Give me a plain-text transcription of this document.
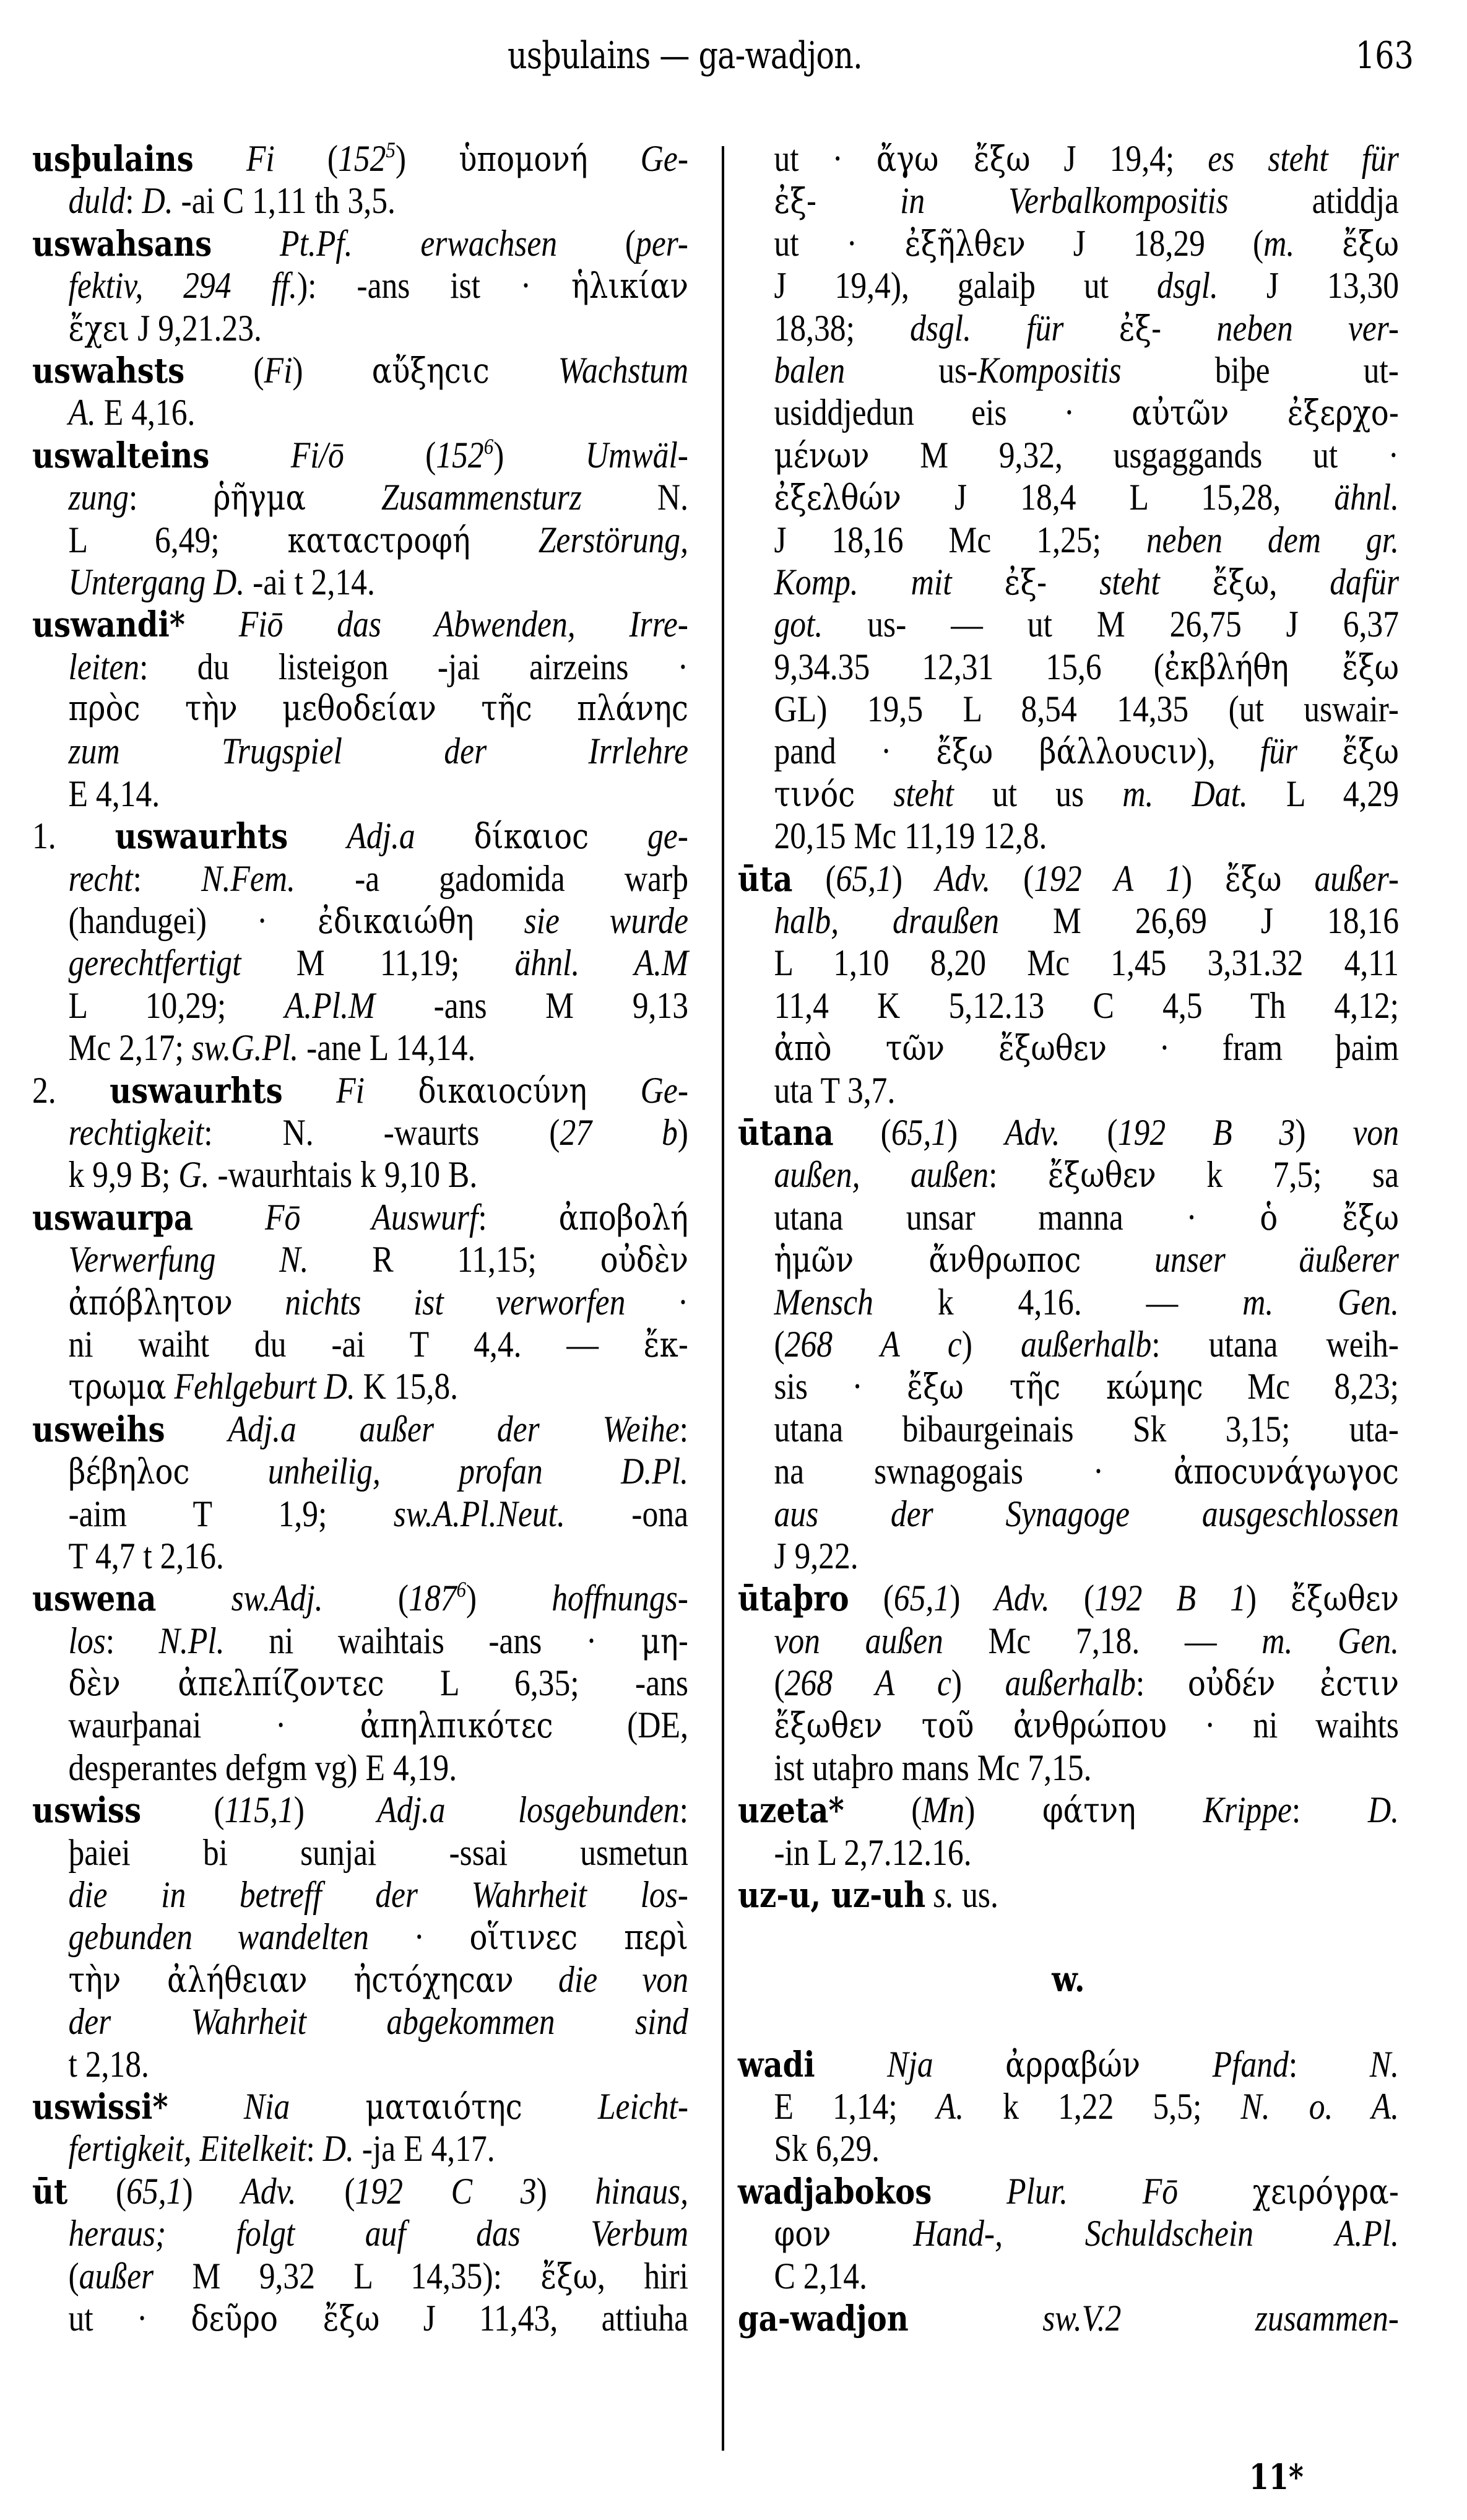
usþulains — ga-wadjon.	163
usþulains Fi $(152^5)$ ὑπομονή Ge-
duld: D. -ai C 1,11 th 3,5.
uswahsans Pt.Pf. erwachsen (per-
fektiv, 294 ff.): -ans ist · ἡλικίαν
ἔχει J 9,21.23.
uswahsts (Fi) αὔξηϲιϲ Wachstum
A. E 4,16.
uswalteins Fi/ō $(152^6)$ Umwäl-
zung: ῥῆγμα Zusammensturz N.
L 6,49; καταϲτροφή Zerstörung,
Untergang D. -ai t 2,14.
uswandi* Fiō das Abwenden, Irre-
leiten: du listeigon -jai airzeins ·
πρὸϲ τὴν μεθοδείαν τῆϲ πλάνηϲ
zum Trugspiel der Irrlehre
E 4,14.
1. uswaurhts Adj.a δίκαιοϲ ge-
recht: N.Fem. -a gadomida warþ
(handugei) · ἐδικαιώθη sie wurde
gerechtfertigt M 11,19; ähnl. A.M
L 10,29; A.Pl.M -ans M 9,13
Mc 2,17; sw.G.Pl. -ane L 14,14.
2. uswaurhts Fi δικαιοϲύνη Ge-
rechtigkeit: N. -waurts (27 b)
k 9,9 B; G. -waurhtais k 9,10 B.
uswaurpa Fō Auswurf: ἀποβολή
Verwerfung N. R 11,15; οὐδὲν
ἀπόβλητον nichts ist verworfen ·
ni waiht du -ai T 4,4. — ἔκ-
τρωμα Fehlgeburt D. K 15,8.
usweihs Adj.a außer der Weihe:
βέβηλοϲ unheilig, profan D.Pl.
-aim T 1,9; sw.A.Pl.Neut. -ona
T 4,7 t 2,16.
uswena sw.Adj. $(187^6)$ hoffnungs-
los: N.Pl. ni waihtais -ans · μη-
δὲν ἀπελπίζοντεϲ L 6,35; -ans
waurþanai · ἀπηλπικότεϲ (DE,
desperantes defgm vg) E 4,19.
uswiss (115,1) Adj.a losgebunden:
þaiei bi sunjai -ssai usmetun
die in betreff der Wahrheit los-
gebunden wandelten · οἵτινεϲ περὶ
τὴν ἀλήθειαν ἠϲτόχηϲαν die von
der Wahrheit abgekommen sind
t 2,18.
uswissi* Nia ματαιότηϲ Leicht-
fertigkeit, Eitelkeit: D. -ja E 4,17.
ūt (65,1) Adv. (192 C 3) hinaus,
heraus; folgt auf das Verbum
(außer M 9,32 L 14,35): ἔξω, hiri
ut · δεῦρο ἔξω J 11,43, attiuha
ut · ἄγω ἔξω J 19,4; es steht für
ἐξ- in Verbalkompositis atiddja
ut · ἐξῆλθεν J 18,29 (m. ἔξω
J 19,4), galaiþ ut dsgl. J 13,30
18,38; dsgl. für ἐξ- neben ver-
balen us-Kompositis biþe ut-
usiddjedun eis · αὐτῶν ἐξερχο-
μένων M 9,32, usgaggands ut ·
ἐξελθών J 18,4 L 15,28, ähnl.
J 18,16 Mc 1,25; neben dem gr.
Komp. mit ἐξ- steht ἔξω, dafür
got. us- — ut M 26,75 J 6,37
9,34.35 12,31 15,6 (ἐκβλήθη ἔξω
GL) 19,5 L 8,54 14,35 (ut uswair-
pand · ἔξω βάλλουϲιν), für ἔξω
τινόϲ steht ut us m. Dat. L 4,29
20,15 Mc 11,19 12,8.
ūta (65,1) Adv. (192 A 1) ἔξω außer-
halb, draußen M 26,69 J 18,16
L 1,10 8,20 Mc 1,45 3,31.32 4,11
11,4 K 5,12.13 C 4,5 Th 4,12;
ἀπὸ τῶν ἔξωθεν · fram þaim
uta T 3,7.
ūtana (65,1) Adv. (192 B 3) von
außen, außen: ἔξωθεν k 7,5; sa
utana unsar manna · ὁ ἔξω
ἡμῶν ἄνθρωποϲ unser äußerer
Mensch k 4,16. — m. Gen.
(268 A c) außerhalb: utana weih-
sis · ἔξω τῆϲ κώμηϲ Mc 8,23;
utana bibaurgeinais Sk 3,15; uta-
na swnagogais · ἀποϲυνάγωγοϲ
aus der Synagoge ausgeschlossen
J 9,22.
ūtaþro (65,1) Adv. (192 B 1) ἔξωθεν
von außen Mc 7,18. — m. Gen.
(268 A c) außerhalb: οὐδέν ἐϲτιν
ἔξωθεν τοῦ ἀνθρώπου · ni waihts
ist utaþro mans Mc 7,15.
uzeta* (Mn) φάτνη Krippe: D.
-in L 2,7.12.16.
uz-u, uz-uh s. us.
w.
wadi Nja ἀρραβών Pfand: N.
E 1,14; A. k 1,22 5,5; N. o. A.
Sk 6,29.
wadjabokos Plur. Fō χειρόγρα-
φον Hand-, Schuldschein A.Pl.
C 2,14.
ga-wadjon	sw.V.2 zusammen-
11*
